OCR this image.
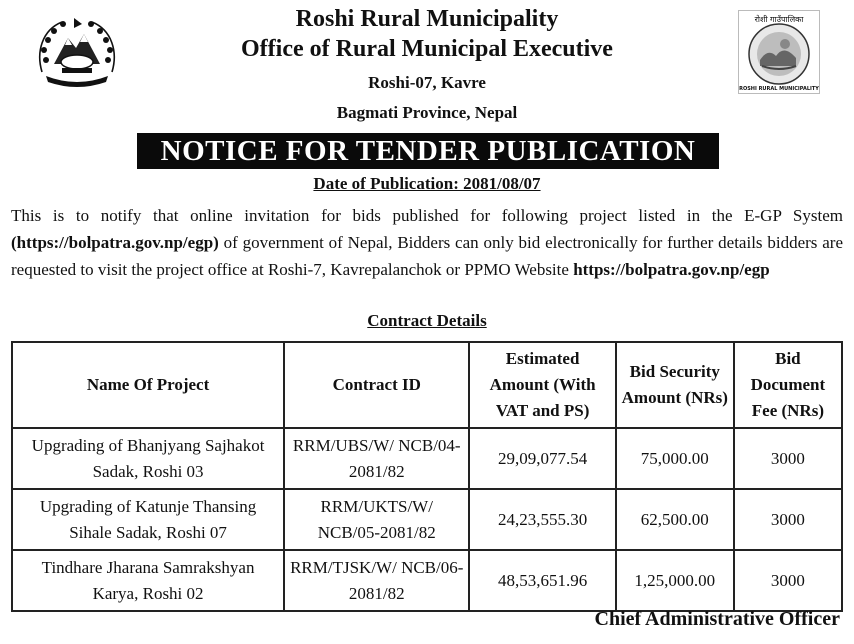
रोशी गाउँपालिका
ROSHI RURAL MUNICIPALITY
Roshi Rural Municipality
Office of Rural Municipal Executive
Roshi-07, Kavre
Bagmati Province, Nepal
NOTICE FOR TENDER PUBLICATION
Date of Publication: 2081/08/07
This is to notify that online invitation for bids published for following project listed in the E-GP System (https://bolpatra.gov.np/egp) of government of Nepal, Bidders can only bid electronically for further details bidders are requested to visit the project office at Roshi-7, Kavrepalanchok or PPMO Website https://bolpatra.gov.np/egp
Contract Details
Name Of Project	Contract ID	Estimated Amount (With VAT and PS)	Bid Security Amount (NRs)	Bid Document Fee (NRs)
Upgrading of Bhanjyang Sajhakot Sadak, Roshi 03	RRM/UBS/W/ NCB/04-2081/82	29,09,077.54	75,000.00	3000
Upgrading of Katunje Thansing Sihale Sadak, Roshi 07	RRM/UKTS/W/ NCB/05-2081/82	24,23,555.30	62,500.00	3000
Tindhare Jharana Samrakshyan Karya, Roshi 02	RRM/TJSK/W/ NCB/06-2081/82	48,53,651.96	1,25,000.00	3000
Chief Administrative Officer
